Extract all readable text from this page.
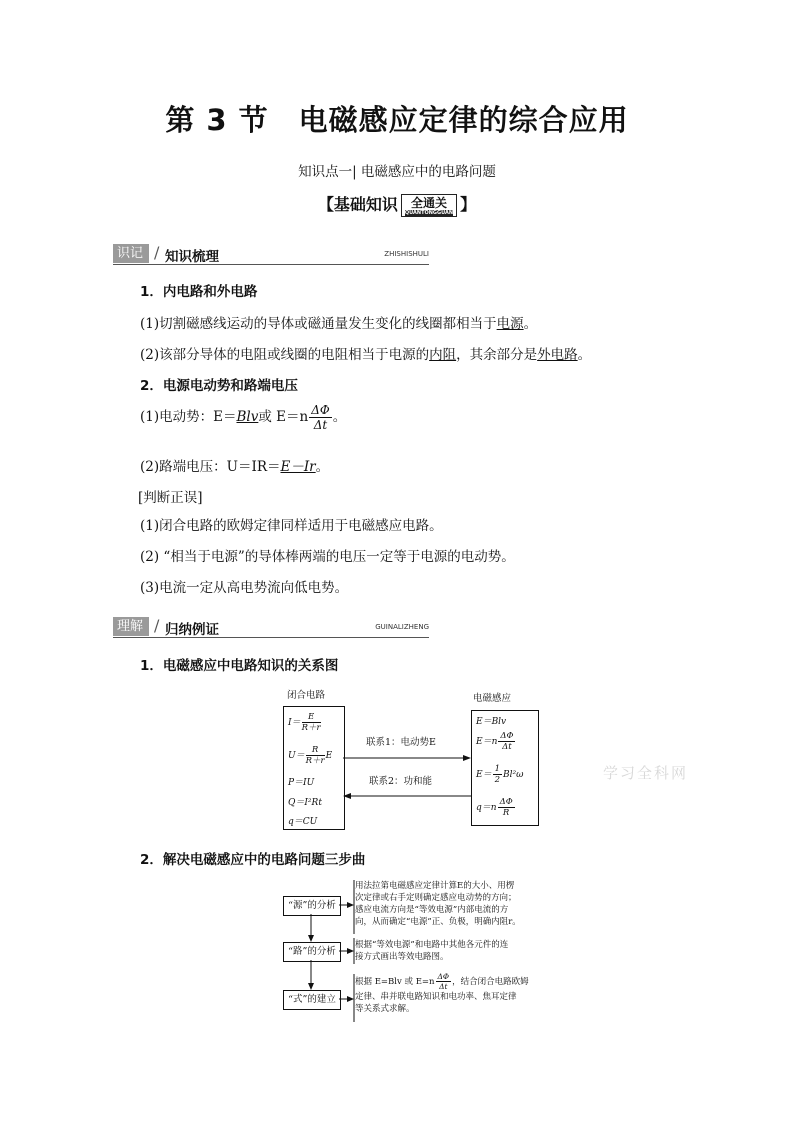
第 3 节　电磁感应定律的综合应用
知识点一| 电磁感应中的电路问题
【基础知识 全通关
QUANTONGGUAN 】
识记 / 知识梳理	ZHISHISHULI
1．内电路和外电路
(1)切割磁感线运动的导体或磁通量发生变化的线圈都相当于电源。
(2)该部分导体的电阻或线圈的电阻相当于电源的内阻，其余部分是外电路。
2．电源电动势和路端电压
(1)电动势：E＝Blv或 $E=n \frac{\Delta\Phi}{\Delta t}$ 。
(2)路端电压：U＝IR＝E－Ir。
[判断正误]
(1)闭合电路的欧姆定律同样适用于电磁感应电路。
(2) “相当于电源”的导体棒两端的电压一定等于电源的电动势。
(3)电流一定从高电势流向低电势。
理解 / 归纳例证	GUINALIZHENG
1．电磁感应中电路知识的关系图
闭合电路	电磁感应
$I= \frac{E}{R+r}$
$U= \frac{R}{R+r}$ E
P＝IU
Q＝I²Rt
q＝CU
E＝Blv
$E=n \frac{\Delta\Phi}{\Delta t}$
$E= \frac{1}{2} Bl^2\omega$
$q=n \frac{\Delta\Phi}{R}$
联系1：电动势E
联系2：功和能	学习全科网
2．解决电磁感应中的电路问题三步曲
“源”的分析
“路”的分析
“式”的建立
用法拉第电磁感应定律计算E的大小、用楞
次定律或右手定则确定感应电动势的方向；
感应电流方向是“等效电源”内部电流的方
向，从而确定“电源”正、负极，明确内阻r。
根据“等效电源”和电路中其他各元件的连
接方式画出等效电路图。
根据 E=Blv 或 $E=n \frac{\Delta\Phi}{\Delta t}$ ，结合闭合电路欧姆
定律、串并联电路知识和电功率、焦耳定律
等关系式求解。
